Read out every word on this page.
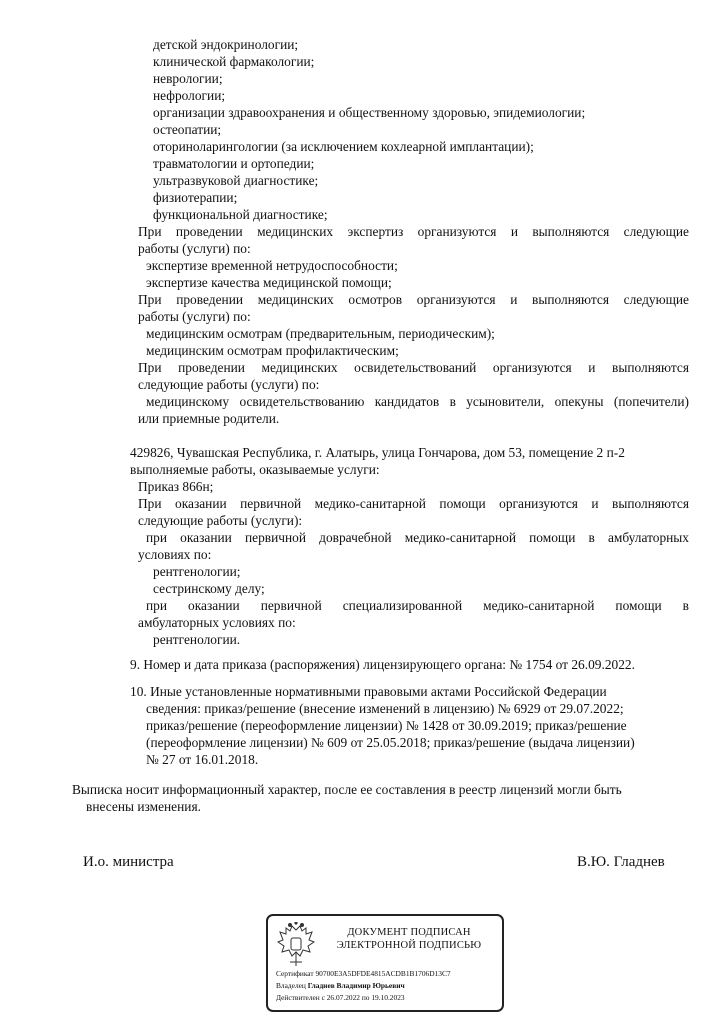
детской эндокринологии;
клинической фармакологии;
неврологии;
нефрологии;
организации здравоохранения и общественному здоровью, эпидемиологии;
остеопатии;
оториноларингологии (за исключением кохлеарной имплантации);
травматологии и ортопедии;
ультразвуковой диагностике;
физиотерапии;
функциональной диагностике;
При проведении медицинских экспертиз организуются и выполняются следующие
работы (услуги) по:
экспертизе временной нетрудоспособности;
экспертизе качества медицинской помощи;
При проведении медицинских осмотров организуются и выполняются следующие
работы (услуги) по:
медицинским осмотрам (предварительным, периодическим);
медицинским осмотрам профилактическим;
При проведении медицинских освидетельствований организуются и выполняются
следующие работы (услуги) по:
медицинскому освидетельствованию кандидатов в усыновители, опекуны (попечители)
или приемные родители.
429826, Чувашская Республика, г. Алатырь, улица Гончарова, дом 53, помещение 2 п-2
выполняемые работы, оказываемые услуги:
Приказ 866н;
При оказании первичной медико-санитарной помощи организуются и выполняются
следующие работы (услуги):
при оказании первичной доврачебной медико-санитарной помощи в амбулаторных
условиях по:
рентгенологии;
сестринскому делу;
при оказании первичной специализированной медико-санитарной помощи в
амбулаторных условиях по:
рентгенологии.
9. Номер и дата приказа (распоряжения) лицензирующего органа: № 1754 от 26.09.2022.
10. Иные установленные нормативными правовыми актами Российской Федерации
сведения: приказ/решение (внесение изменений в лицензию) № 6929 от 29.07.2022;
приказ/решение (переоформление лицензии) № 1428 от 30.09.2019; приказ/решение
(переоформление лицензии) № 609 от 25.05.2018; приказ/решение (выдача лицензии)
№ 27 от 16.01.2018.
Выписка носит информационный характер, после ее составления в реестр лицензий могли быть
внесены изменения.
И.о. министра	В.Ю. Гладнев
ДОКУМЕНТ ПОДПИСАН
ЭЛЕКТРОННОЙ ПОДПИСЬЮ
Сертификат 90700E3A5DFDE4815ACDB1B1706D13C7
Владелец Гладнев Владимир Юрьевич
Действителен с 26.07.2022 по 19.10.2023
